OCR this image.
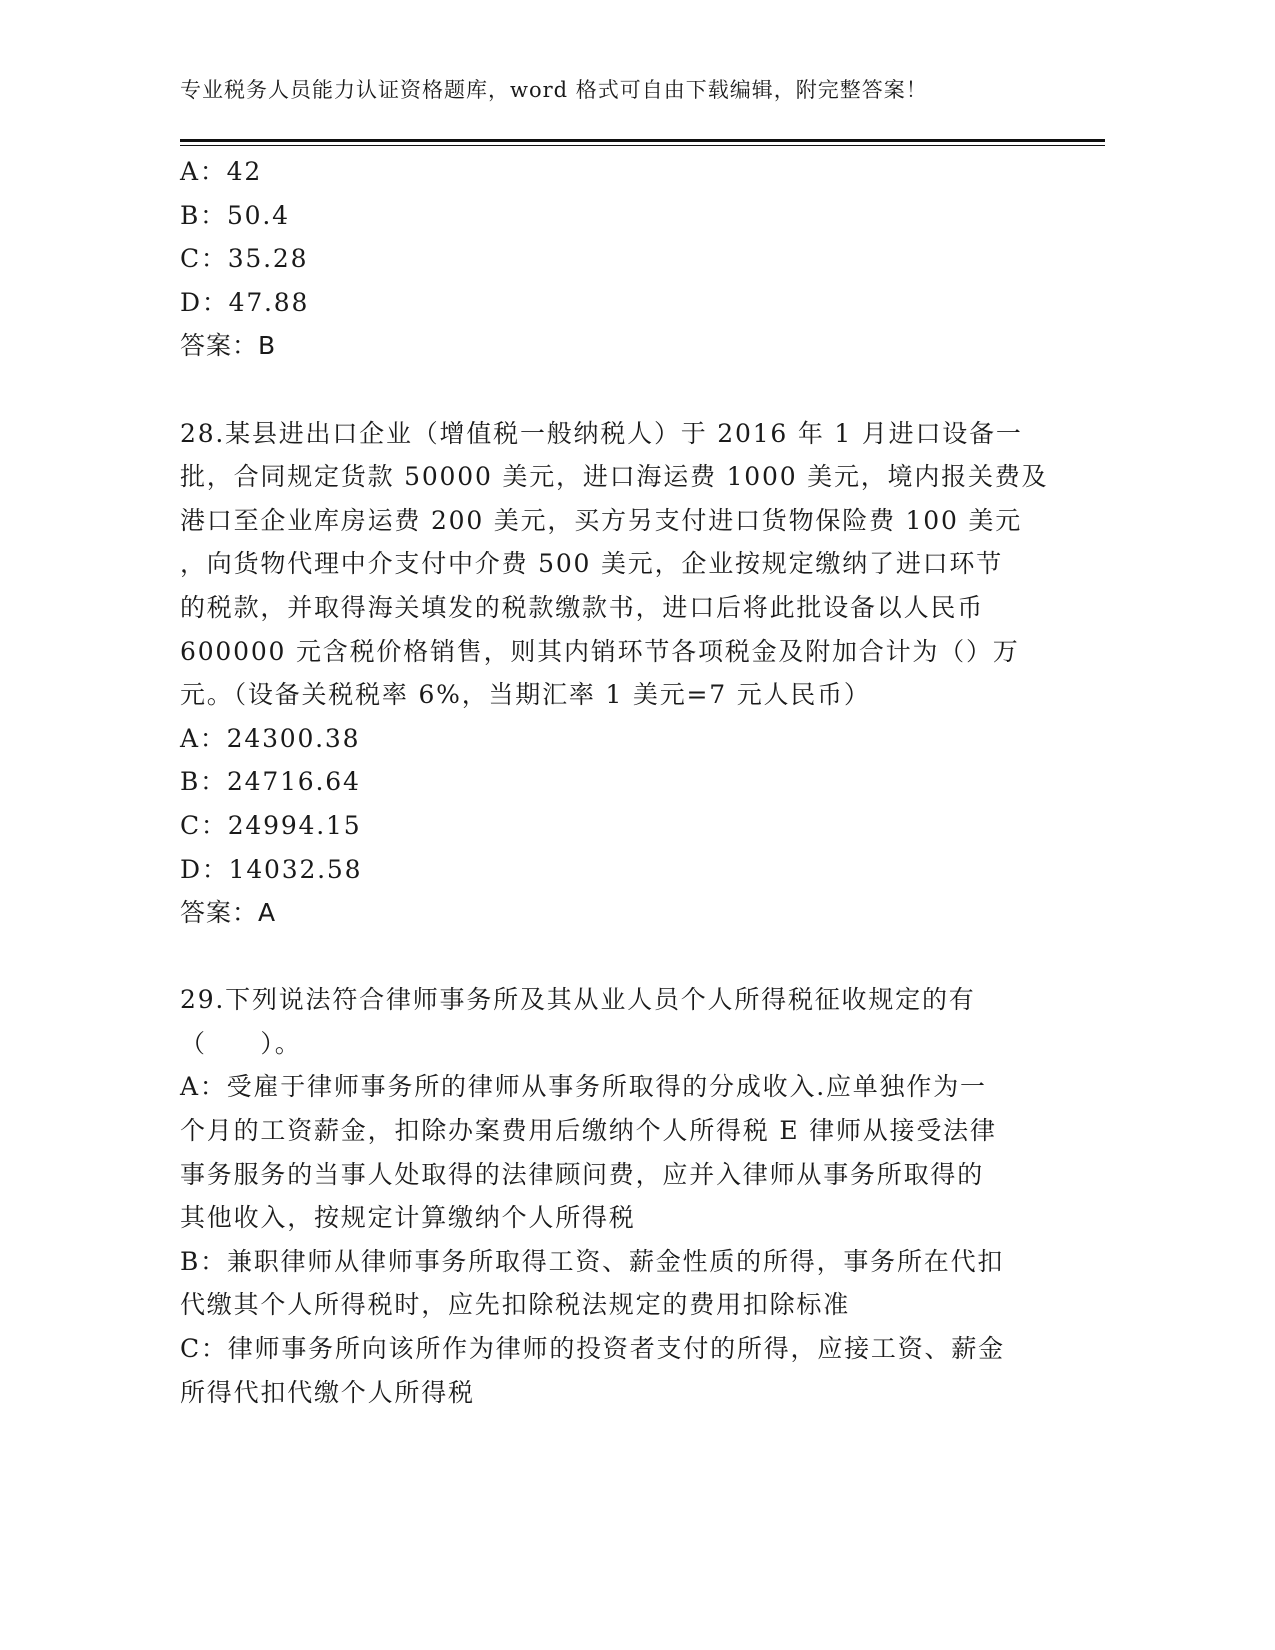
专业税务人员能力认证资格题库，word 格式可自由下载编辑，附完整答案！
A：42
B：50.4
C：35.28
D：47.88
答案：B
28.某县进出口企业（增值税一般纳税人）于 2016 年 1 月进口设备一
批，合同规定货款 50000 美元，进口海运费 1000 美元，境内报关费及
港口至企业库房运费 200 美元，买方另支付进口货物保险费 100 美元
，向货物代理中介支付中介费 500 美元，企业按规定缴纳了进口环节
的税款，并取得海关填发的税款缴款书，进口后将此批设备以人民币
600000 元含税价格销售，则其内销环节各项税金及附加合计为（）万
元。（设备关税税率 6%，当期汇率 1 美元=7 元人民币）
A：24300.38
B：24716.64
C：24994.15
D：14032.58
答案：A
29.下列说法符合律师事务所及其从业人员个人所得税征收规定的有
（　　）。
A：受雇于律师事务所的律师从事务所取得的分成收入.应单独作为一
个月的工资薪金，扣除办案费用后缴纳个人所得税 E 律师从接受法律
事务服务的当事人处取得的法律顾问费，应并入律师从事务所取得的
其他收入，按规定计算缴纳个人所得税
B：兼职律师从律师事务所取得工资、薪金性质的所得，事务所在代扣
代缴其个人所得税时，应先扣除税法规定的费用扣除标准
C：律师事务所向该所作为律师的投资者支付的所得，应接工资、薪金
所得代扣代缴个人所得税
